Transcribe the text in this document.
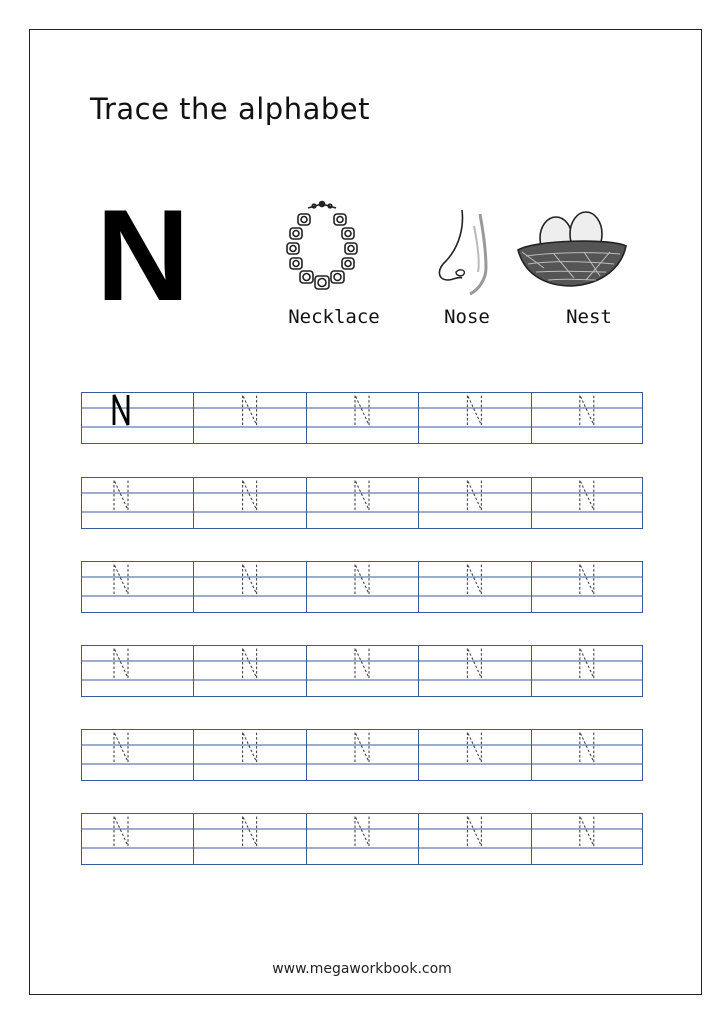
Trace the alphabet
N	Necklace	Nose	Nest
www.megaworkbook.com
